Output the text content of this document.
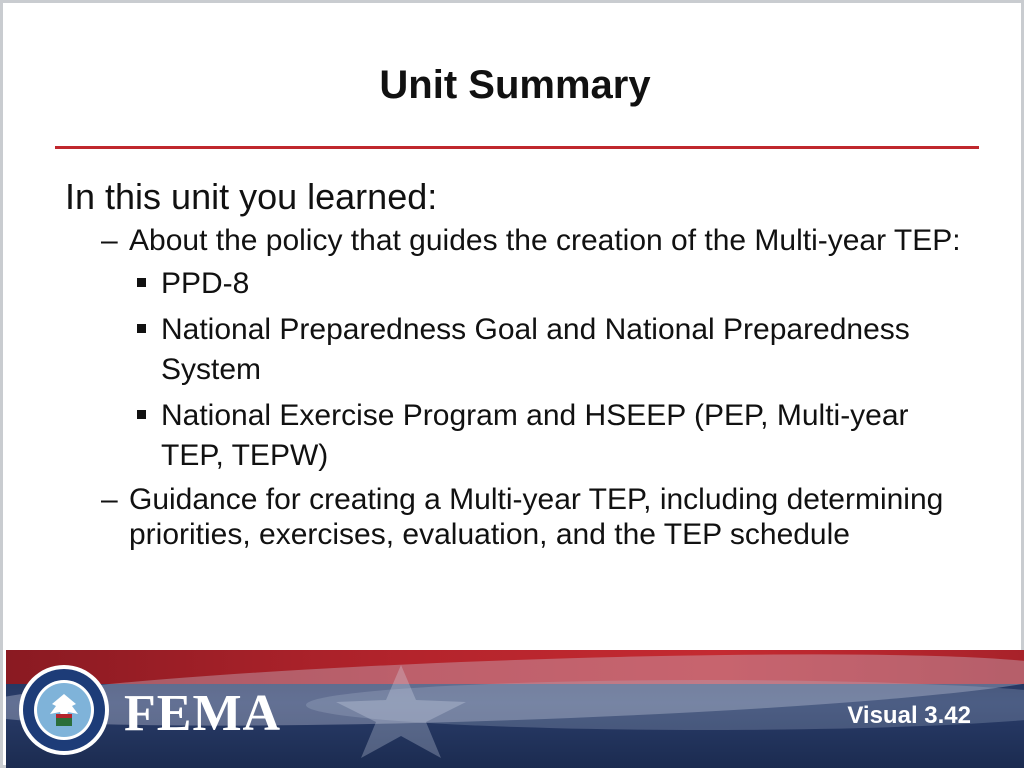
Unit Summary

In this unit you learned:

– About the policy that guides the creation of the Multi-year TEP:

PPD-8

National Preparedness Goal and National Preparedness System

National Exercise Program and HSEEP (PEP, Multi-year TEP, TEPW)

– Guidance for creating a Multi-year TEP, including determining priorities, exercises, evaluation, and the TEP schedule

FEMA	Visual 3.42
